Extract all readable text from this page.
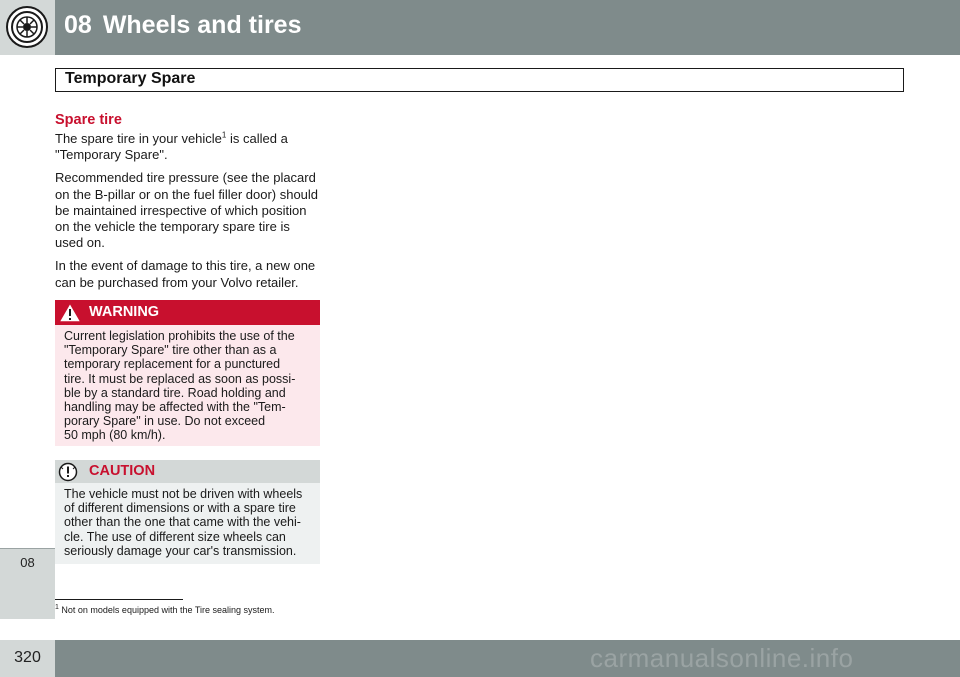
08 Wheels and tires
08
Temporary Spare
Spare tire

The spare tire in your vehicle$^1$ is called a "Temporary Spare".

Recommended tire pressure (see the placard on the B-pillar or on the fuel filler door) should be maintained irrespective of which position on the vehicle the temporary spare tire is used on.

In the event of damage to this tire, a new one can be purchased from your Volvo retailer.

WARNING
Current legislation prohibits the use of the
"Temporary Spare" tire other than as a
temporary replacement for a punctured
tire. It must be replaced as soon as possi-
ble by a standard tire. Road holding and
handling may be affected with the "Tem-
porary Spare" in use. Do not exceed
50 mph (80 km/h).
CAUTION
The vehicle must not be driven with wheels
of different dimensions or with a spare tire
other than the one that came with the vehi-
cle. The use of different size wheels can
seriously damage your car's transmission.
$^1$ Not on models equipped with the Tire sealing system.
320	carmanualsonline.info
